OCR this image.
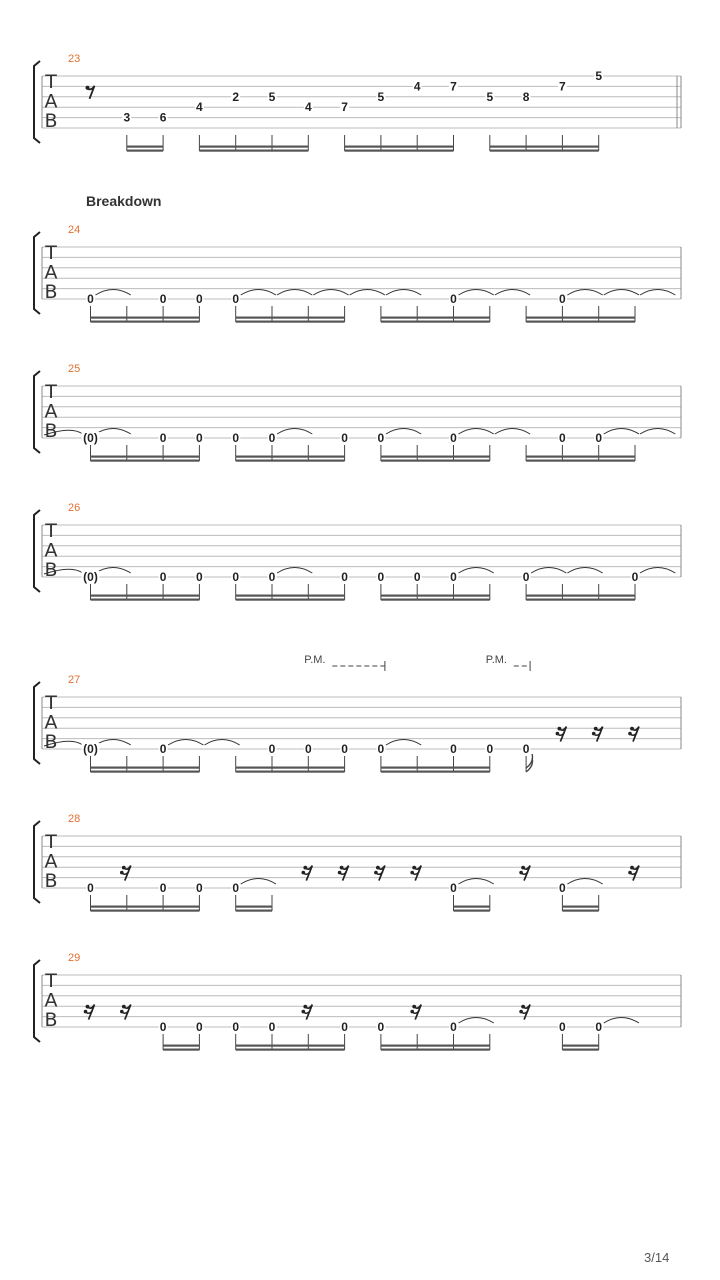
T
A
B
23
3 6
4
2 5
4 7
5
4 7
5 8
7
5
T
A
B
24
0	0 0 0	0	0
T
A
B
25
(0)	0 0 0 0	0 0	0	0 0
T
A
B
26
(0)	0 0 0 0	0 0 0 0	0	0
T
A
B
27
(0)	0	0 0 0 0	0 0 0
P.M.	P.M.
T
A
B
28
0	0 0 0	0	0
T
A
B
29
0 0 0 0	0 0	0	0 0
Breakdown
3/14
